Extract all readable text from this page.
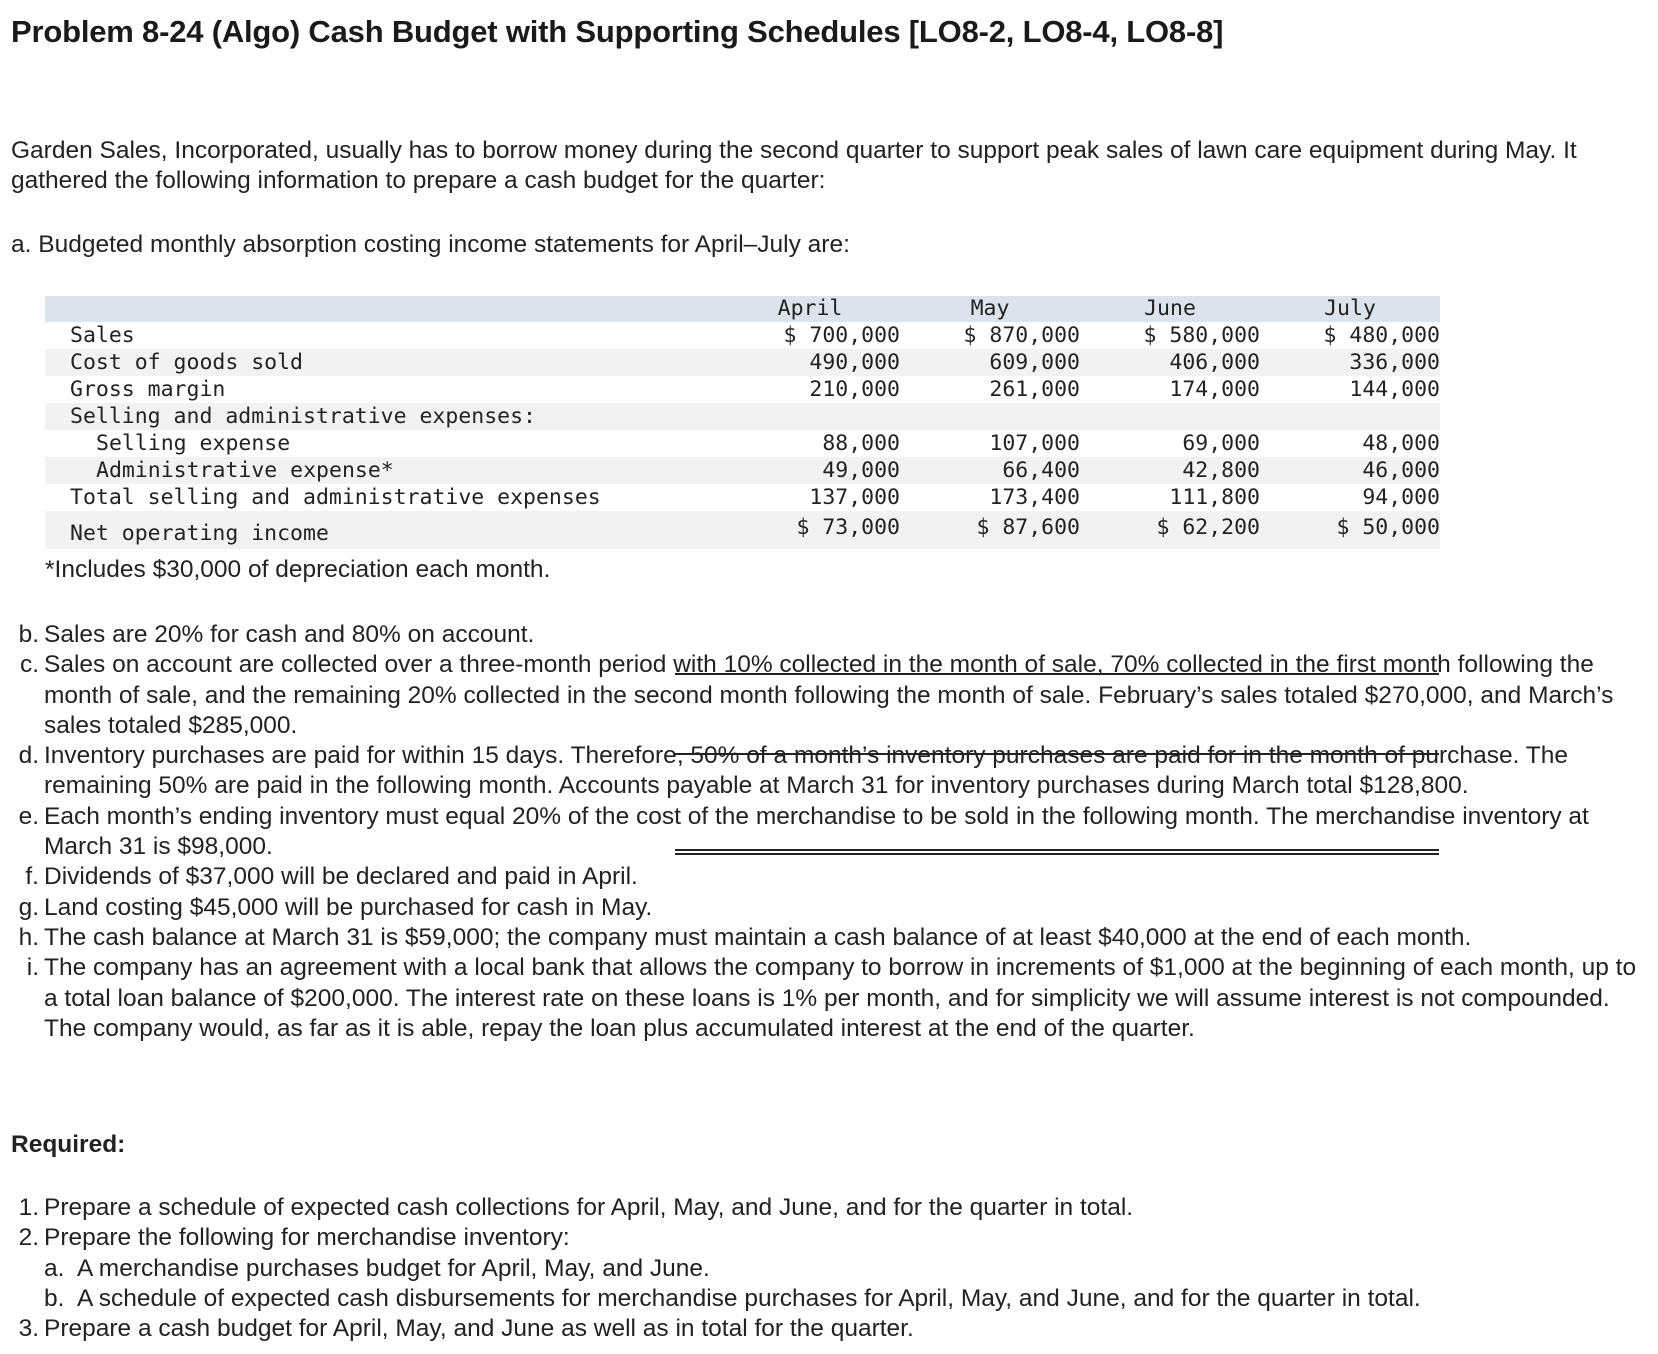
Problem 8-24 (Algo) Cash Budget with Supporting Schedules [LO8-2, LO8-4, LO8-8]
Garden Sales, Incorporated, usually has to borrow money during the second quarter to support peak sales of lawn care equipment during May. It gathered the following information to prepare a cash budget for the quarter:
a. Budgeted monthly absorption costing income statements for April–July are:
April	May	June	July
Sales	$ 700,000	$ 870,000	$ 580,000	$ 480,000
Cost of goods sold	490,000	609,000	406,000	336,000
Gross margin	210,000	261,000	174,000	144,000
Selling and administrative expenses:
Selling expense	88,000	107,000	69,000	48,000
Administrative expense*	49,000	66,400	42,800	46,000
Total selling and administrative expenses	137,000	173,400	111,800	94,000
Net operating income	$ 73,000	$ 87,600	$ 62,200	$ 50,000
*Includes $30,000 of depreciation each month.
b. Sales are 20% for cash and 80% on account.
c. Sales on account are collected over a three-month period with 10% collected in the month of sale, 70% collected in the first month following the month of sale, and the remaining 20% collected in the second month following the month of sale. February’s sales totaled $270,000, and March’s sales totaled $285,000.
d. Inventory purchases are paid for within 15 days. Therefore, 50% of a month’s inventory purchases are paid for in the month of purchase. The remaining 50% are paid in the following month. Accounts payable at March 31 for inventory purchases during March total $128,800.
e. Each month’s ending inventory must equal 20% of the cost of the merchandise to be sold in the following month. The merchandise inventory at March 31 is $98,000.
f. Dividends of $37,000 will be declared and paid in April.
g. Land costing $45,000 will be purchased for cash in May.
h. The cash balance at March 31 is $59,000; the company must maintain a cash balance of at least $40,000 at the end of each month.
i. The company has an agreement with a local bank that allows the company to borrow in increments of $1,000 at the beginning of each month, up to a total loan balance of $200,000. The interest rate on these loans is 1% per month, and for simplicity we will assume interest is not compounded. The company would, as far as it is able, repay the loan plus accumulated interest at the end of the quarter.
Required:
1. Prepare a schedule of expected cash collections for April, May, and June, and for the quarter in total.
2. Prepare the following for merchandise inventory:
a. A merchandise purchases budget for April, May, and June.
b. A schedule of expected cash disbursements for merchandise purchases for April, May, and June, and for the quarter in total.
3. Prepare a cash budget for April, May, and June as well as in total for the quarter.
